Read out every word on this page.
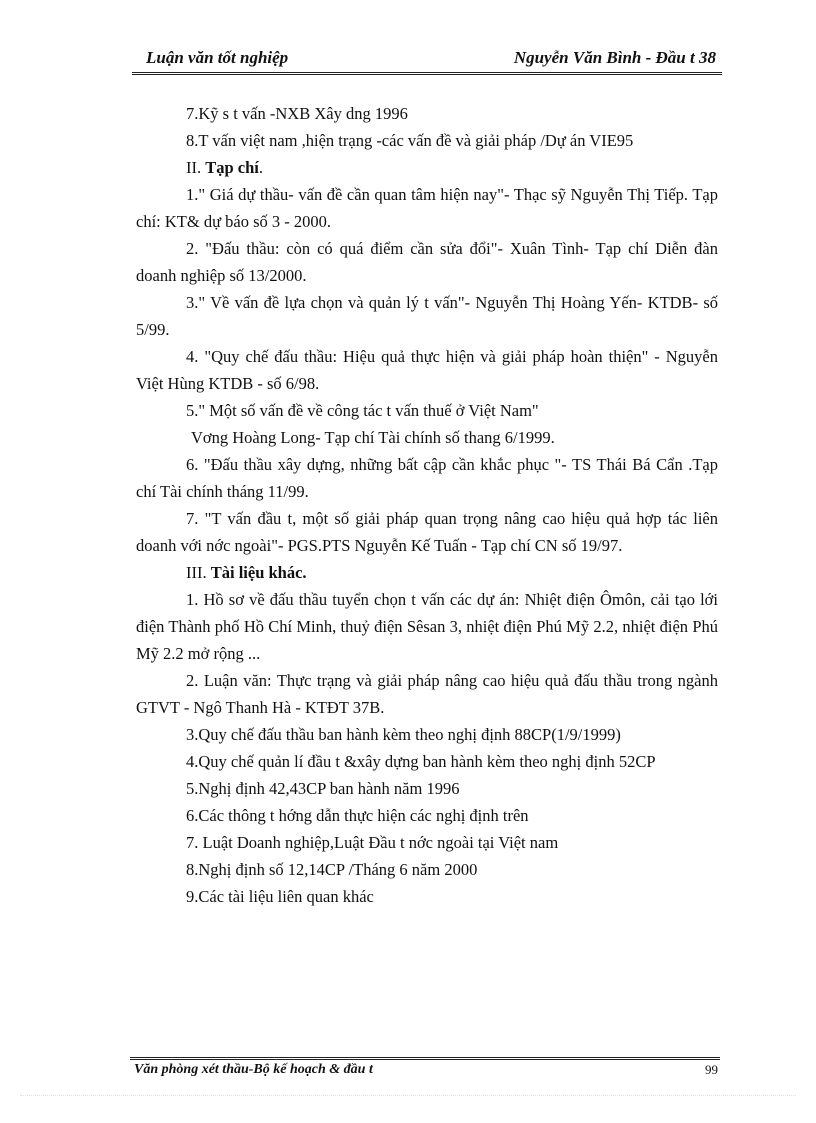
Luận văn tốt nghiệp	Nguyễn Văn Bình - Đầu t 38

7.Kỹ s t vấn -NXB Xây dng 1996

8.T vấn việt nam ,hiện trạng -các vấn đề và giải pháp /Dự án VIE95

II. Tạp chí.

1." Giá dự thầu- vấn đề cần quan tâm hiện nay"- Thạc sỹ Nguyễn Thị Tiếp. Tạp chí: KT& dự báo số 3 - 2000.

2. "Đấu thầu: còn có quá điểm cần sửa đổi"- Xuân Tình- Tạp chí Diễn đàn doanh nghiệp số 13/2000.

3." Về vấn đề lựa chọn và quản lý t vấn"- Nguyễn Thị Hoàng Yến- KTDB- số 5/99.

4. "Quy chế đấu thầu: Hiệu quả thực hiện và giải pháp hoàn thiện" - Nguyễn Việt Hùng KTDB - số 6/98.

5." Một số vấn đề về công tác t vấn thuế ở Việt Nam"

Vơng Hoàng Long- Tạp chí Tài chính số thang 6/1999.

6. "Đấu thầu xây dựng, những bất cập cần khắc phục "- TS Thái Bá Cẩn .Tạp chí Tài chính tháng 11/99.

7. "T vấn đầu t, một số giải pháp quan trọng nâng cao hiệu quả hợp tác liên doanh với nớc ngoài"- PGS.PTS Nguyễn Kế Tuấn - Tạp chí CN số 19/97.

III. Tài liệu khác.

1. Hồ sơ về đấu thầu tuyển chọn t vấn các dự án: Nhiệt điện Ômôn, cải tạo lới điện Thành phố Hồ Chí Minh, thuỷ điện Sêsan 3, nhiệt điện Phú Mỹ 2.2, nhiệt điện Phú Mỹ 2.2 mở rộng ...

2. Luận văn: Thực trạng và giải pháp nâng cao hiệu quả đấu thầu trong ngành GTVT - Ngô Thanh Hà - KTĐT 37B.

3.Quy chế đấu thầu ban hành kèm theo nghị định 88CP(1/9/1999)

4.Quy chế quản lí đầu t &xây dựng ban hành kèm theo nghị định 52CP

5.Nghị định 42,43CP ban hành năm 1996

6.Các thông t hớng dẫn thực hiện các nghị định trên

7. Luật Doanh nghiệp,Luật Đầu t nớc ngoài tại Việt nam

8.Nghị định số 12,14CP /Tháng 6 năm 2000

9.Các tài liệu liên quan khác

Văn phòng xét thầu-Bộ kế hoạch & đầu t	99
